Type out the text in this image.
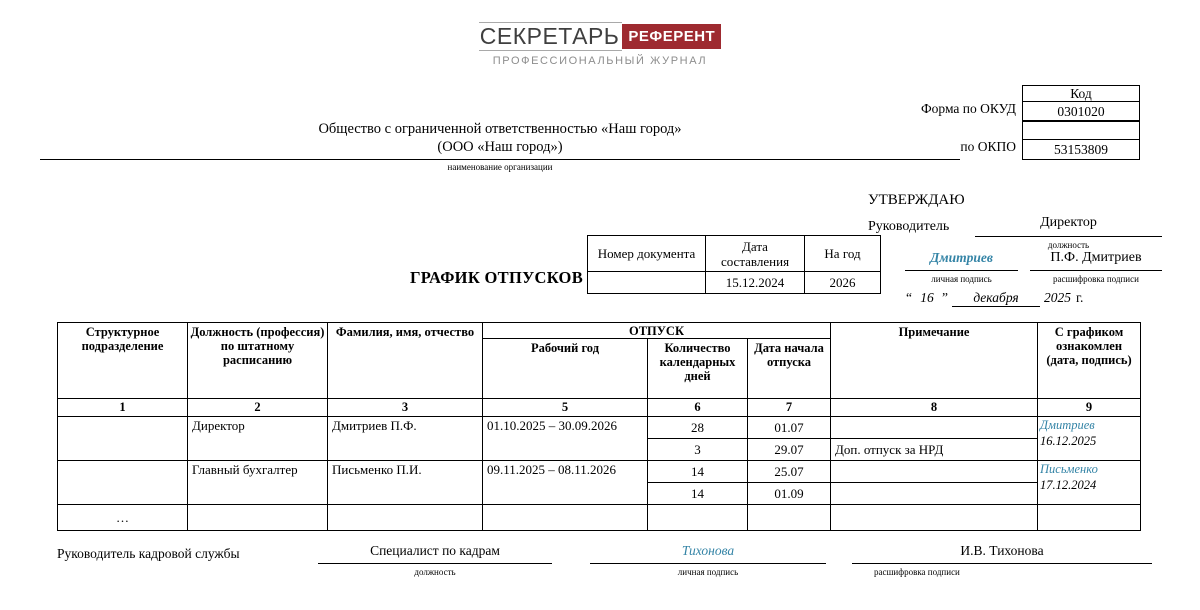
СЕКРЕТАРЬ РЕФЕРЕНТ
ПРОФЕССИОНАЛЬНЫЙ ЖУРНАЛ
Форма по ОКУД
по ОКПО
Код
0301020
53153809
Общество с ограниченной ответственностью «Наш город»
(ООО «Наш город»)
наименование организации
УТВЕРЖДАЮ
Руководитель	Директор
должность
Дмитриев
личная подпись
П.Ф. Дмитриев
расшифровка подписи
“ 16 ”	декабря	2025 г.
ГРАФИК ОТПУСКОВ
Номер документа	Дата составления	На год
	15.12.2024	2026
Структурное подразделение	Должность (профессия) по штатному расписанию	Фамилия, имя, отчество	ОТПУСК			Примечание	С графиком ознакомлен (дата, подпись)
			Рабочий год	Количество календарных дней	Дата начала отпуска		
1	2	3	5	6	7	8	9
	Директор	Дмитриев П.Ф.	01.10.2025 – 30.09.2026	28	01.07		Дмитриев
16.12.2025

				3	29.07	Доп. отпуск за НРД	
	Главный бухгалтер	Письменко П.И.	09.11.2025 – 08.11.2026	14	25.07		Письменко
17.12.2024

				14	01.09		
…							
Руководитель кадровой службы	Специалист по кадрам
должность
Тихонова
личная подпись
И.В. Тихонова
расшифровка подписи
